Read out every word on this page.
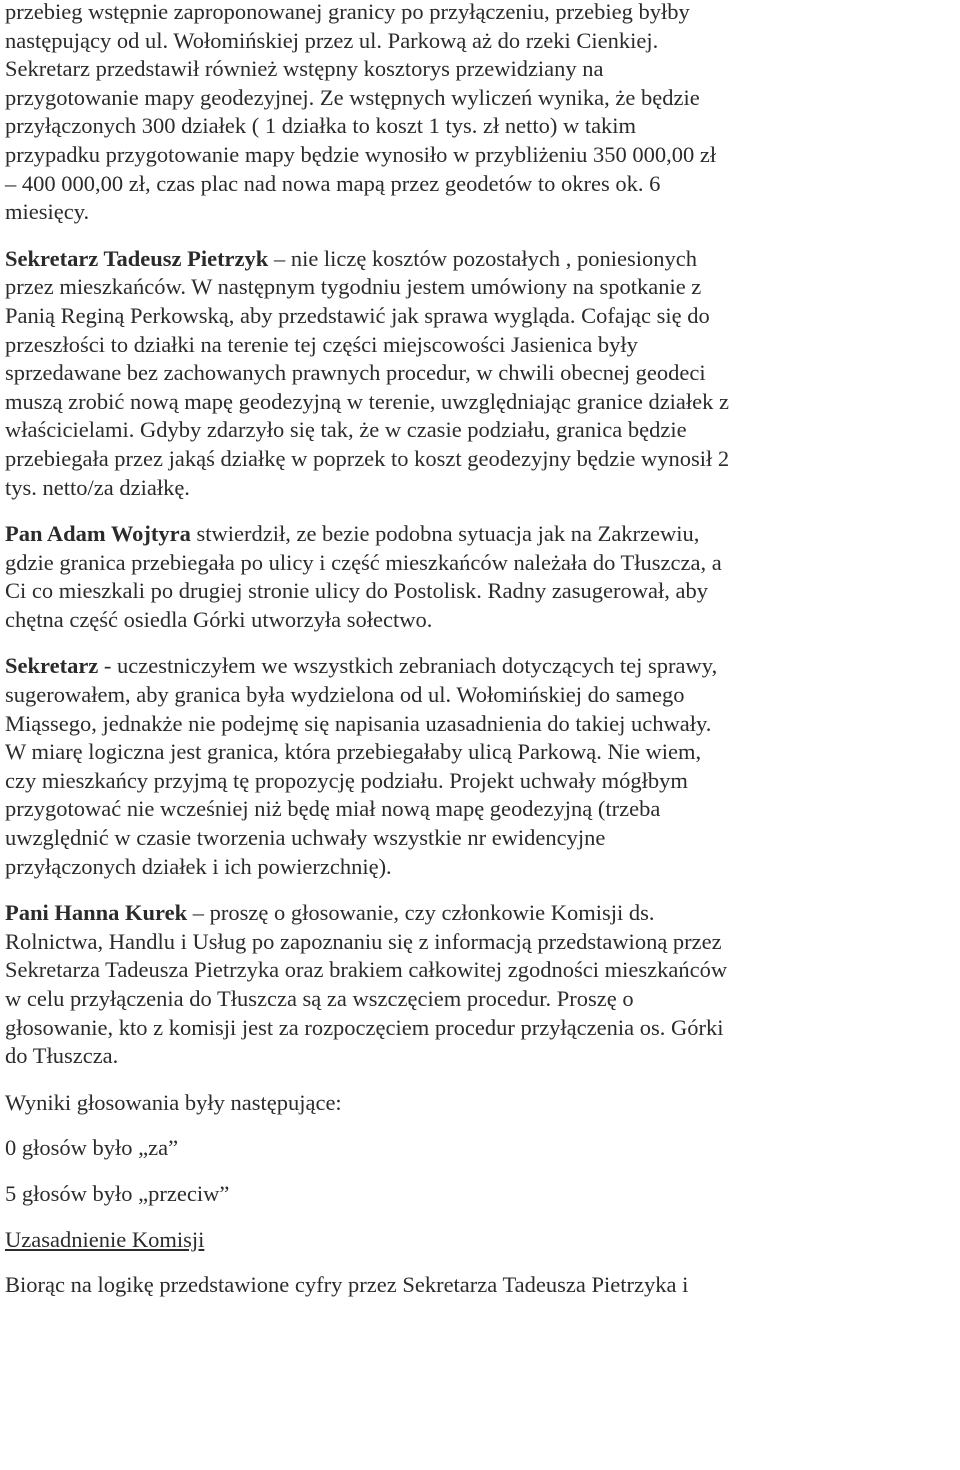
przebieg wstępnie zaproponowanej granicy po przyłączeniu, przebieg byłby
następujący od ul. Wołomińskiej przez ul. Parkową aż do rzeki Cienkiej.
Sekretarz przedstawił również wstępny kosztorys przewidziany na
przygotowanie mapy geodezyjnej. Ze wstępnych wyliczeń wynika, że będzie
przyłączonych 300 działek ( 1 działka to koszt 1 tys. zł netto) w takim
przypadku przygotowanie mapy będzie wynosiło w przybliżeniu 350 000,00 zł
– 400 000,00 zł, czas plac nad nowa mapą przez geodetów to okres ok. 6
miesięcy.

Sekretarz Tadeusz Pietrzyk – nie liczę kosztów pozostałych , poniesionych
przez mieszkańców. W następnym tygodniu jestem umówiony na spotkanie z
Panią Reginą Perkowską, aby przedstawić jak sprawa wygląda. Cofając się do
przeszłości to działki na terenie tej części miejscowości Jasienica były
sprzedawane bez zachowanych prawnych procedur, w chwili obecnej geodeci
muszą zrobić nową mapę geodezyjną w terenie, uwzględniając granice działek z
właścicielami. Gdyby zdarzyło się tak, że w czasie podziału, granica będzie
przebiegała przez jakąś działkę w poprzek to koszt geodezyjny będzie wynosił 2
tys. netto/za działkę.

Pan Adam Wojtyra stwierdził, ze bezie podobna sytuacja jak na Zakrzewiu,
gdzie granica przebiegała po ulicy i część mieszkańców należała do Tłuszcza, a
Ci co mieszkali po drugiej stronie ulicy do Postolisk. Radny zasugerował, aby
chętna część osiedla Górki utworzyła sołectwo.

Sekretarz - uczestniczyłem we wszystkich zebraniach dotyczących tej sprawy,
sugerowałem, aby granica była wydzielona od ul. Wołomińskiej do samego
Miąssego, jednakże nie podejmę się napisania uzasadnienia do takiej uchwały.
W miarę logiczna jest granica, która przebiegałaby ulicą Parkową. Nie wiem,
czy mieszkańcy przyjmą tę propozycję podziału. Projekt uchwały mógłbym
przygotować nie wcześniej niż będę miał nową mapę geodezyjną (trzeba
uwzględnić w czasie tworzenia uchwały wszystkie nr ewidencyjne
przyłączonych działek i ich powierzchnię).

Pani Hanna Kurek – proszę o głosowanie, czy członkowie Komisji ds.
Rolnictwa, Handlu i Usług po zapoznaniu się z informacją przedstawioną przez
Sekretarza Tadeusza Pietrzyka oraz brakiem całkowitej zgodności mieszkańców
w celu przyłączenia do Tłuszcza są za wszczęciem procedur. Proszę o
głosowanie, kto z komisji jest za rozpoczęciem procedur przyłączenia os. Górki
do Tłuszcza.

Wyniki głosowania były następujące:

0 głosów było „za”

5 głosów było „przeciw”

Uzasadnienie Komisji

Biorąc na logikę przedstawione cyfry przez Sekretarza Tadeusza Pietrzyka i
